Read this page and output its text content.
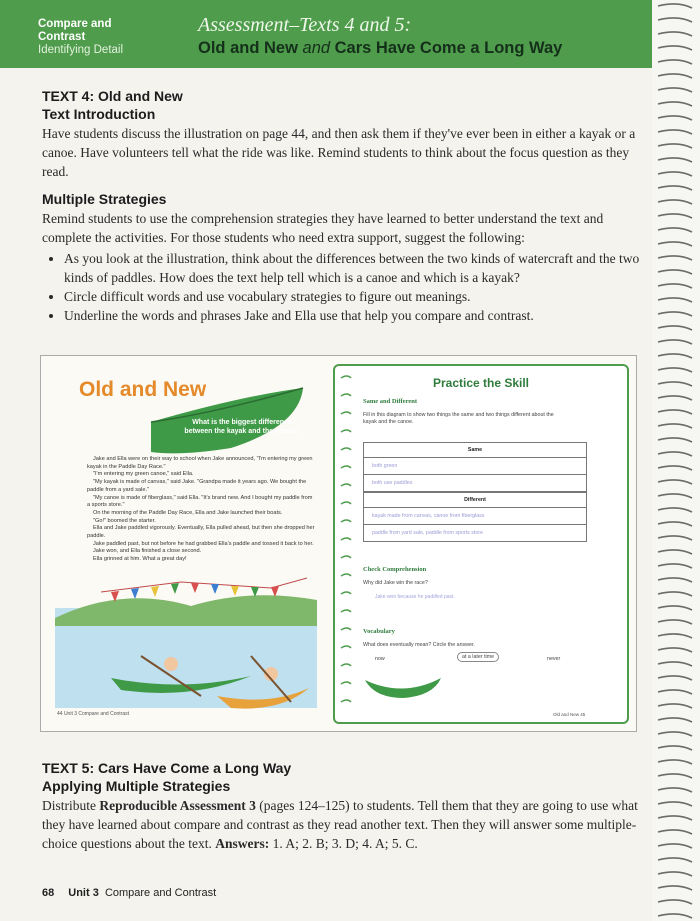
Compare and
Contrast
Identifying Detail
Assessment–Texts 4 and 5:
Old and New and Cars Have Come a Long Way
TEXT 4: Old and New
Text Introduction
Have students discuss the illustration on page 44, and then ask them if they've ever been in either a kayak or a canoe. Have volunteers tell what the ride was like. Remind students to think about the focus question as they read.
Multiple Strategies
Remind students to use the comprehension strategies they have learned to better understand the text and complete the activities. For those students who need extra support, suggest the following:
• As you look at the illustration, think about the differences between the two kinds of watercraft and the two kinds of paddles. How does the text help tell which is a canoe and which is a kayak?
• Circle difficult words and use vocabulary strategies to figure out meanings.
• Underline the words and phrases Jake and Ella use that help you compare and contrast.
Old and New
What is the biggest difference between the kayak and the canoe?

Jake and Ella were on their way to school when Jake announced, "I'm entering my green kayak in the Paddle Day Race."

"I'm entering my green canoe," said Ella.

"My kayak is made of canvas," said Jake. "Grandpa made it years ago. We bought the paddle from a yard sale."

"My canoe is made of fiberglass," said Ella. "It's brand new. And I bought my paddle from a sports store."

On the morning of the Paddle Day Race, Ella and Jake launched their boats.

"Go!" boomed the starter.

Ella and Jake paddled vigorously. Eventually, Ella pulled ahead, but then she dropped her paddle.

Jake paddled past, but not before he had grabbed Ella's paddle and tossed it back to her.

Jake won, and Ella finished a close second.

Ella grinned at him. What a great day!

44 Unit 3 Compare and Contrast
Practice the Skill
Same and Different
Fill in this diagram to show two things the same and two things different about the kayak and the canoe.
Same
both green
both use paddles
Different
kayak made from canvas, canoe from fiberglass
paddle from yard sale, paddle from sports store
Check Comprehension
Why did Jake win the race?
Jake won because he paddled past.
Vocabulary
What does eventually mean? Circle the answer.
now	at a later time	never
Old and New 45
TEXT 5: Cars Have Come a Long Way
Applying Multiple Strategies
Distribute Reproducible Assessment 3 (pages 124–125) to students. Tell them that they are going to use what they have learned about compare and contrast as they read another text. Then they will answer some multiple-choice questions about the text. Answers: 1. A; 2. B; 3. D; 4. A; 5. C.
68 Unit 3 Compare and Contrast
